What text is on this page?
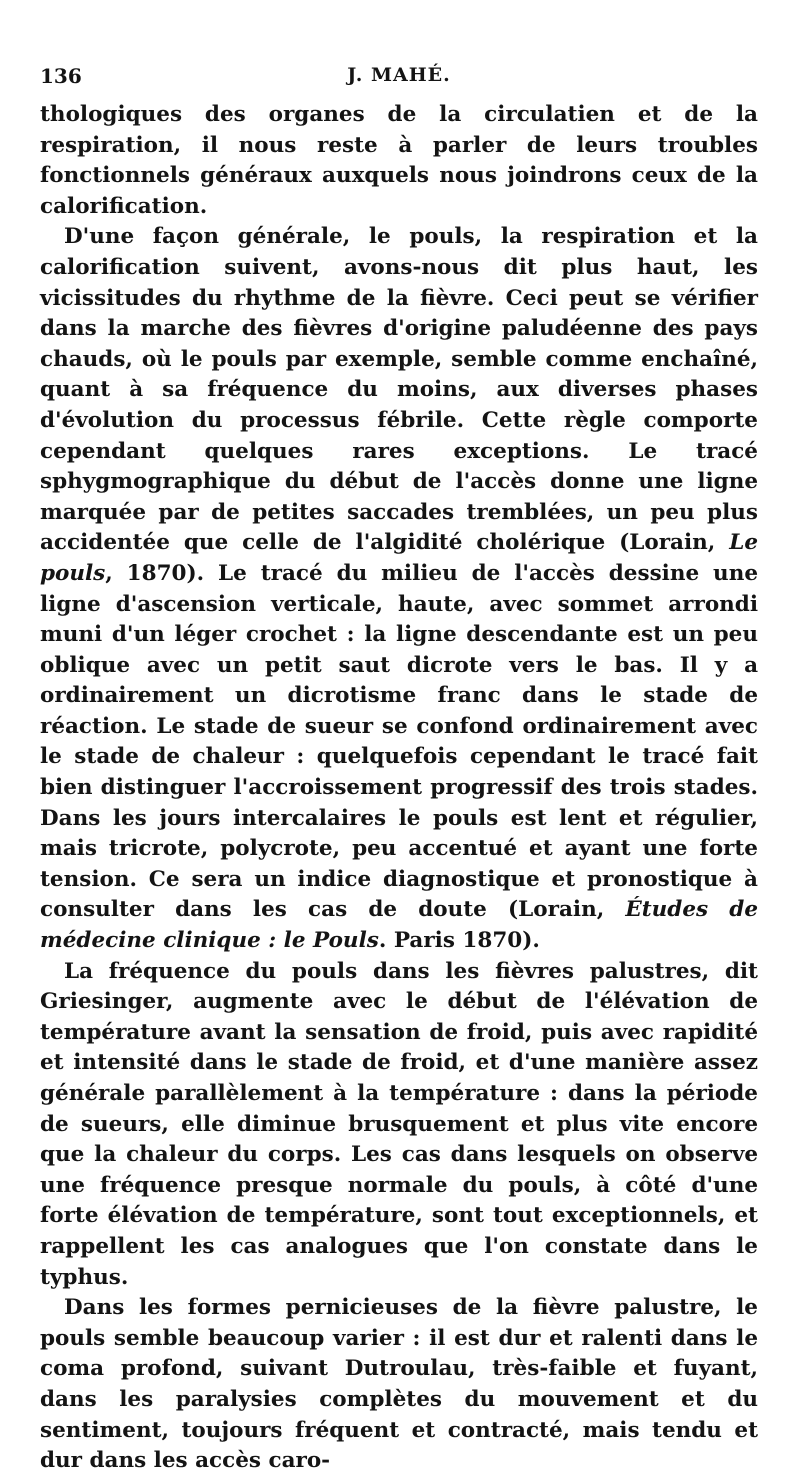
136	J. MAHÉ.

thologiques des organes de la circulatien et de la respiration, il nous reste à parler de leurs troubles fonctionnels généraux auxquels nous joindrons ceux de la calorification.

D'une façon générale, le pouls, la respiration et la calorification suivent, avons-nous dit plus haut, les vicissitudes du rhythme de la fièvre. Ceci peut se vérifier dans la marche des fièvres d'origine paludéenne des pays chauds, où le pouls par exemple, semble comme enchaîné, quant à sa fréquence du moins, aux diverses phases d'évolution du processus fébrile. Cette règle comporte cependant quelques rares exceptions. Le tracé sphygmographique du début de l'accès donne une ligne marquée par de petites saccades tremblées, un peu plus accidentée que celle de l'algidité cholérique (Lorain, Le pouls, 1870). Le tracé du milieu de l'accès dessine une ligne d'ascension verticale, haute, avec sommet arrondi muni d'un léger crochet : la ligne descendante est un peu oblique avec un petit saut dicrote vers le bas. Il y a ordinairement un dicrotisme franc dans le stade de réaction. Le stade de sueur se confond ordinairement avec le stade de chaleur : quelquefois cependant le tracé fait bien distinguer l'accroissement progressif des trois stades. Dans les jours intercalaires le pouls est lent et régulier, mais tricrote, polycrote, peu accentué et ayant une forte tension. Ce sera un indice diagnostique et pronostique à consulter dans les cas de doute (Lorain, Études de médecine clinique : le Pouls. Paris 1870).

La fréquence du pouls dans les fièvres palustres, dit Griesinger, augmente avec le début de l'élévation de température avant la sensation de froid, puis avec rapidité et intensité dans le stade de froid, et d'une manière assez générale parallèlement à la température : dans la période de sueurs, elle diminue brusquement et plus vite encore que la chaleur du corps. Les cas dans lesquels on observe une fréquence presque normale du pouls, à côté d'une forte élévation de température, sont tout exceptionnels, et rappellent les cas analogues que l'on constate dans le typhus.

Dans les formes pernicieuses de la fièvre palustre, le pouls semble beaucoup varier : il est dur et ralenti dans le coma profond, suivant Dutroulau, très-faible et fuyant, dans les paralysies complètes du mouvement et du sentiment, toujours fréquent et contracté, mais tendu et dur dans les accès caro-
